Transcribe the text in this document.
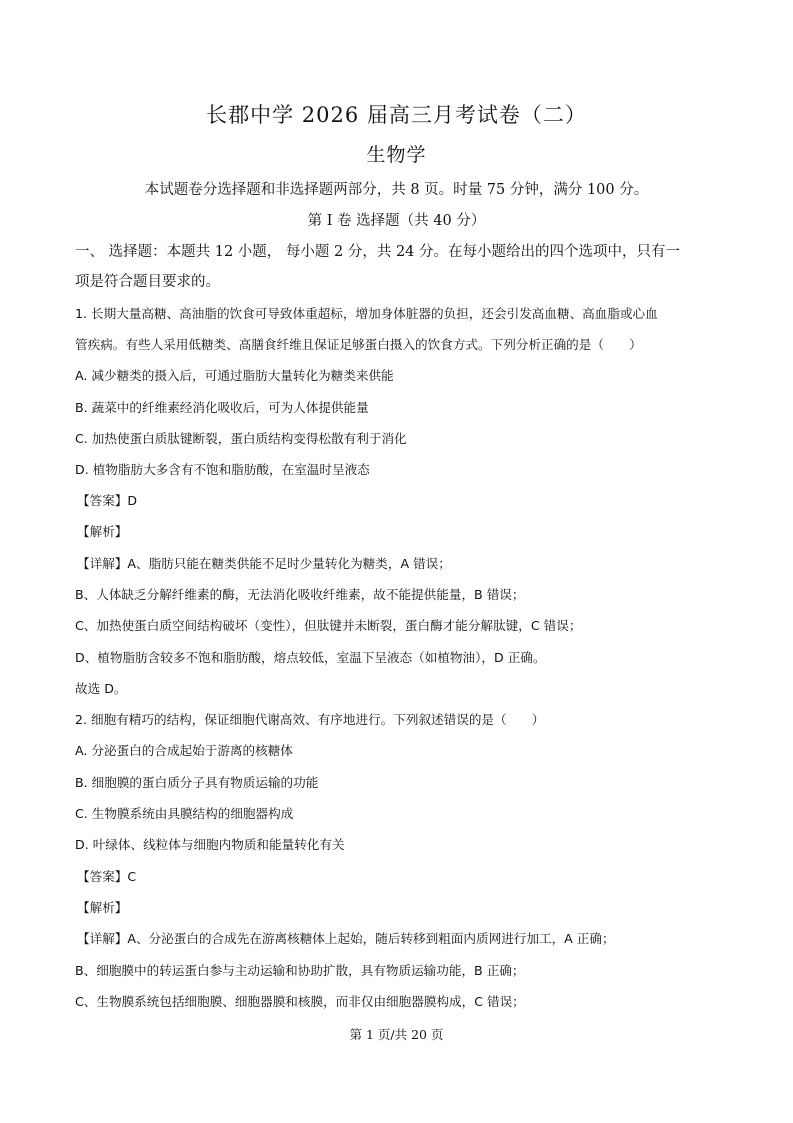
长郡中学 2026 届高三月考试卷（二）
生物学
本试题卷分选择题和非选择题两部分，共 8 页。时量 75 分钟，满分 100 分。
第 I 卷 选择题（共 40 分）
一、 选择题：本题共 12 小题， 每小题 2 分，共 24 分。在每小题给出的四个选项中，只有一
项是符合题目要求的。
1. 长期大量高糖、高油脂的饮食可导致体重超标，增加身体脏器的负担，还会引发高血糖、高血脂或心血
管疾病。有些人采用低糖类、高膳食纤维且保证足够蛋白摄入的饮食方式。下列分析正确的是（　　）
A. 减少糖类的摄入后，可通过脂肪大量转化为糖类来供能
B. 蔬菜中的纤维素经消化吸收后，可为人体提供能量
C. 加热使蛋白质肽键断裂，蛋白质结构变得松散有利于消化
D. 植物脂肪大多含有不饱和脂肪酸，在室温时呈液态
【答案】D
【解析】
【详解】A、脂肪只能在糖类供能不足时少量转化为糖类，A 错误；
B、人体缺乏分解纤维素的酶，无法消化吸收纤维素，故不能提供能量，B 错误；
C、加热使蛋白质空间结构破坏（变性），但肽键并未断裂，蛋白酶才能分解肽键，C 错误；
D、植物脂肪含较多不饱和脂肪酸，熔点较低，室温下呈液态（如植物油），D 正确。
故选 D。
2. 细胞有精巧的结构，保证细胞代谢高效、有序地进行。下列叙述错误的是（　　）
A. 分泌蛋白的合成起始于游离的核糖体
B. 细胞膜的蛋白质分子具有物质运输的功能
C. 生物膜系统由具膜结构的细胞器构成
D. 叶绿体、线粒体与细胞内物质和能量转化有关
【答案】C
【解析】
【详解】A、分泌蛋白的合成先在游离核糖体上起始，随后转移到粗面内质网进行加工，A 正确；
B、细胞膜中的转运蛋白参与主动运输和协助扩散，具有物质运输功能，B 正确；
C、生物膜系统包括细胞膜、细胞器膜和核膜，而非仅由细胞器膜构成，C 错误；
第 1 页/共 20 页
